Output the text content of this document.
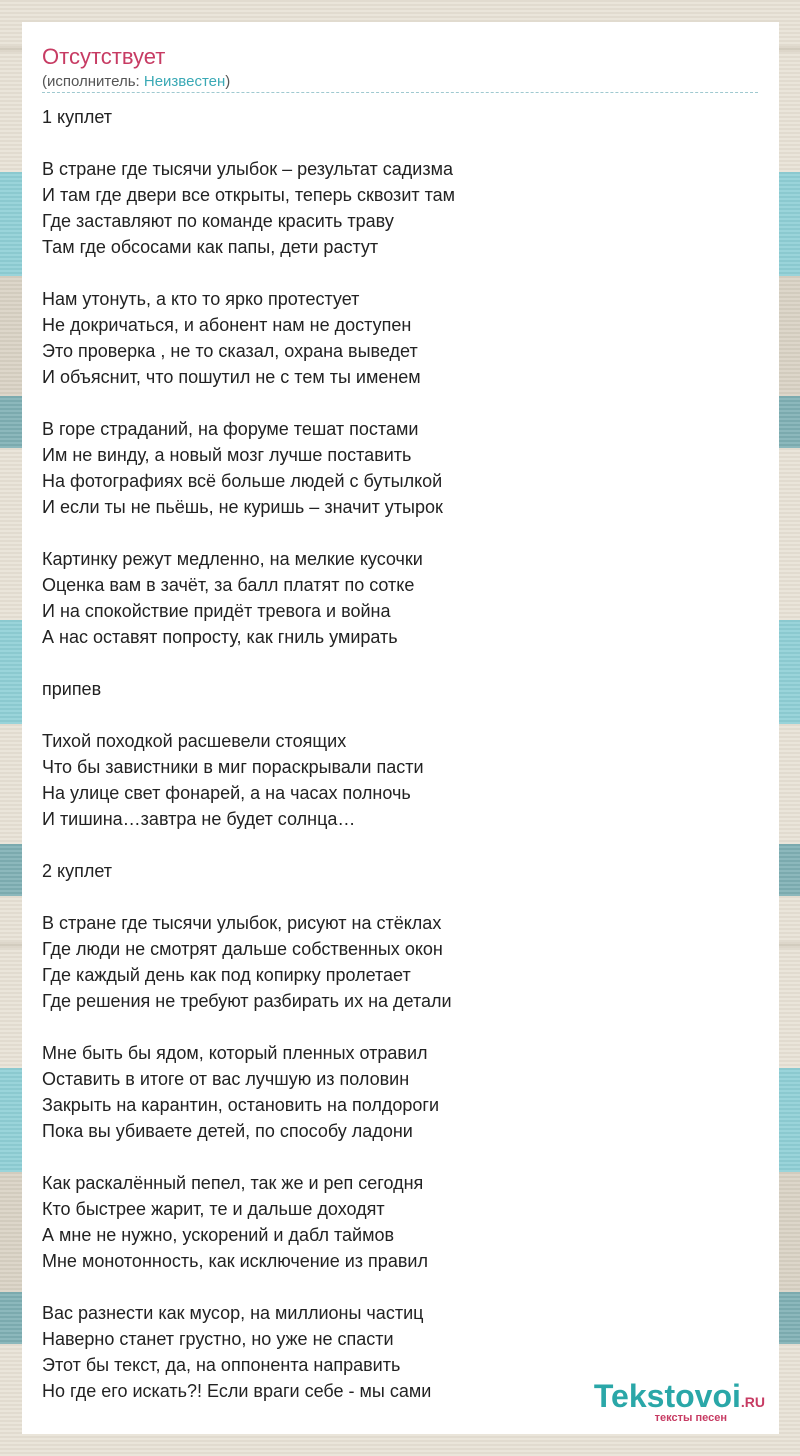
Отсутствует
(исполнитель: Неизвестен)
1 куплет
В стране где тысячи улыбок – результат садизма
И там где двери все открыты, теперь сквозит там
Где заставляют по команде красить траву
Там где обсосами как папы, дети растут
Нам утонуть, а кто то ярко протестует
Не докричаться, и абонент нам не доступен
Это проверка , не то сказал, охрана выведет
И объяснит, что пошутил не с тем ты именем
В горе страданий, на форуме тешат постами
Им не винду, а новый мозг лучше поставить
На фотографиях всё больше людей с бутылкой
И если ты не пьёшь, не куришь – значит утырок
Картинку режут медленно, на мелкие кусочки
Оценка вам в зачёт, за балл платят по сотке
И на спокойствие придёт тревога и война
А нас оставят попросту, как гниль умирать
припев
Тихой походкой расшевели стоящих
Что бы завистники в миг пораскрывали пасти
На улице свет фонарей, а на часах полночь
И тишина…завтра не будет солнца…
2 куплет
В стране где тысячи улыбок, рисуют на стёклах
Где люди не смотрят дальше собственных окон
Где каждый день как под копирку пролетает
Где решения не требуют разбирать их на детали
Мне быть бы ядом, который пленных отравил
Оставить в итоге от вас лучшую из половин
Закрыть на карантин, остановить на полдороги
Пока вы убиваете детей, по способу ладони
Как раскалённый пепел, так же и реп сегодня
Кто быстрее жарит, те и дальше доходят
А мне не нужно, ускорений и дабл таймов
Мне монотонность, как исключение из правил
Вас разнести как мусор, на миллионы частиц
Наверно станет грустно, но уже не спасти
Этот бы текст, да, на оппонента направить
Но где его искать?! Если враги себе - мы сами	Tekstovoi.RU
тексты песен
